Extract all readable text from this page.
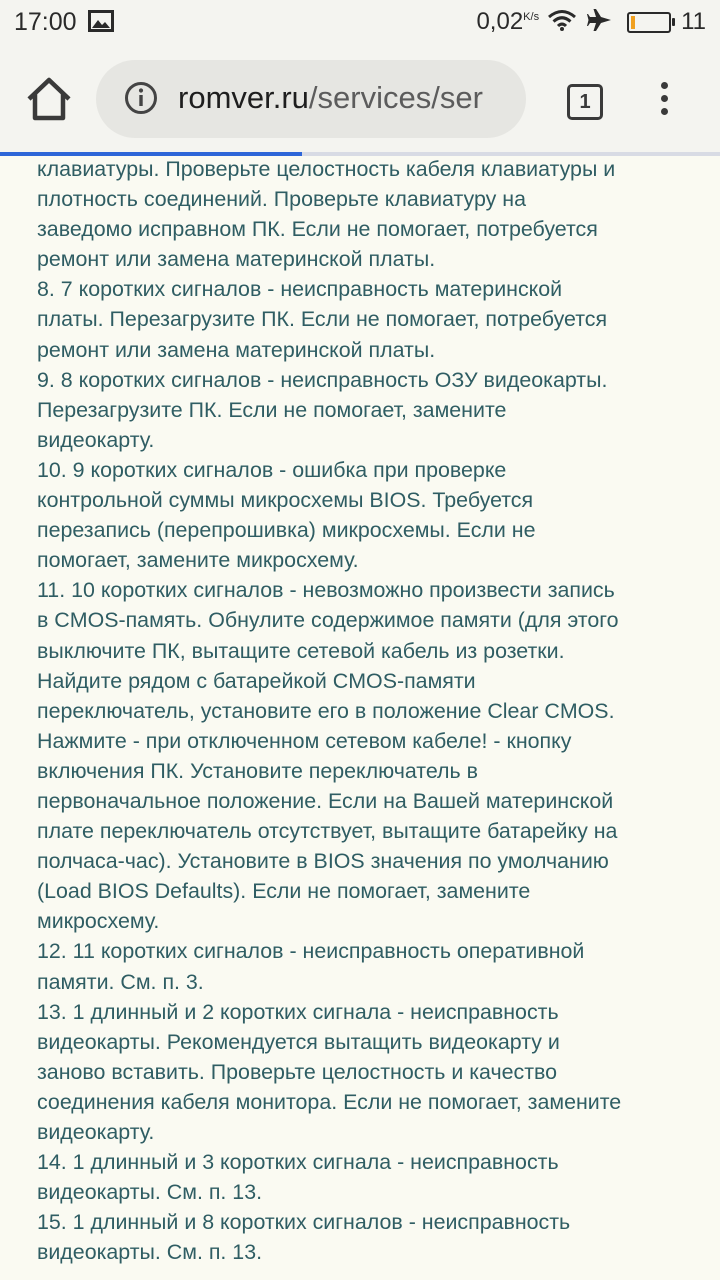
17:00	$0,02^{K/s}$	11
romver.ru/services/ser	1

клавиатуры. Проверьте целостность кабеля клавиатуры и

плотность соединений. Проверьте клавиатуру на

заведомо исправном ПК. Если не помогает, потребуется

ремонт или замена материнской платы.

8. 7 коротких сигналов - неисправность материнской

платы. Перезагрузите ПК. Если не помогает, потребуется

ремонт или замена материнской платы.

9. 8 коротких сигналов - неисправность ОЗУ видеокарты.

Перезагрузите ПК. Если не помогает, замените

видеокарту.

10. 9 коротких сигналов - ошибка при проверке

контрольной суммы микросхемы BIOS. Требуется

перезапись (перепрошивка) микросхемы. Если не

помогает, замените микросхему.

11. 10 коротких сигналов - невозможно произвести запись

в CMOS-память. Обнулите содержимое памяти (для этого

выключите ПК, вытащите сетевой кабель из розетки.

Найдите рядом с батарейкой CMOS-памяти

переключатель, установите его в положение Clear CMOS.

Нажмите - при отключенном сетевом кабеле! - кнопку

включения ПК. Установите переключатель в

первоначальное положение. Если на Вашей материнской

плате переключатель отсутствует, вытащите батарейку на

полчаса-час). Установите в BIOS значения по умолчанию

(Load BIOS Defaults). Если не помогает, замените

микросхему.

12. 11 коротких сигналов - неисправность оперативной

памяти. См. п. 3.

13. 1 длинный и 2 коротких сигнала - неисправность

видеокарты. Рекомендуется вытащить видеокарту и

заново вставить. Проверьте целостность и качество

соединения кабеля монитора. Если не помогает, замените

видеокарту.

14. 1 длинный и 3 коротких сигнала - неисправность

видеокарты. См. п. 13.

15. 1 длинный и 8 коротких сигналов - неисправность

видеокарты. См. п. 13.
